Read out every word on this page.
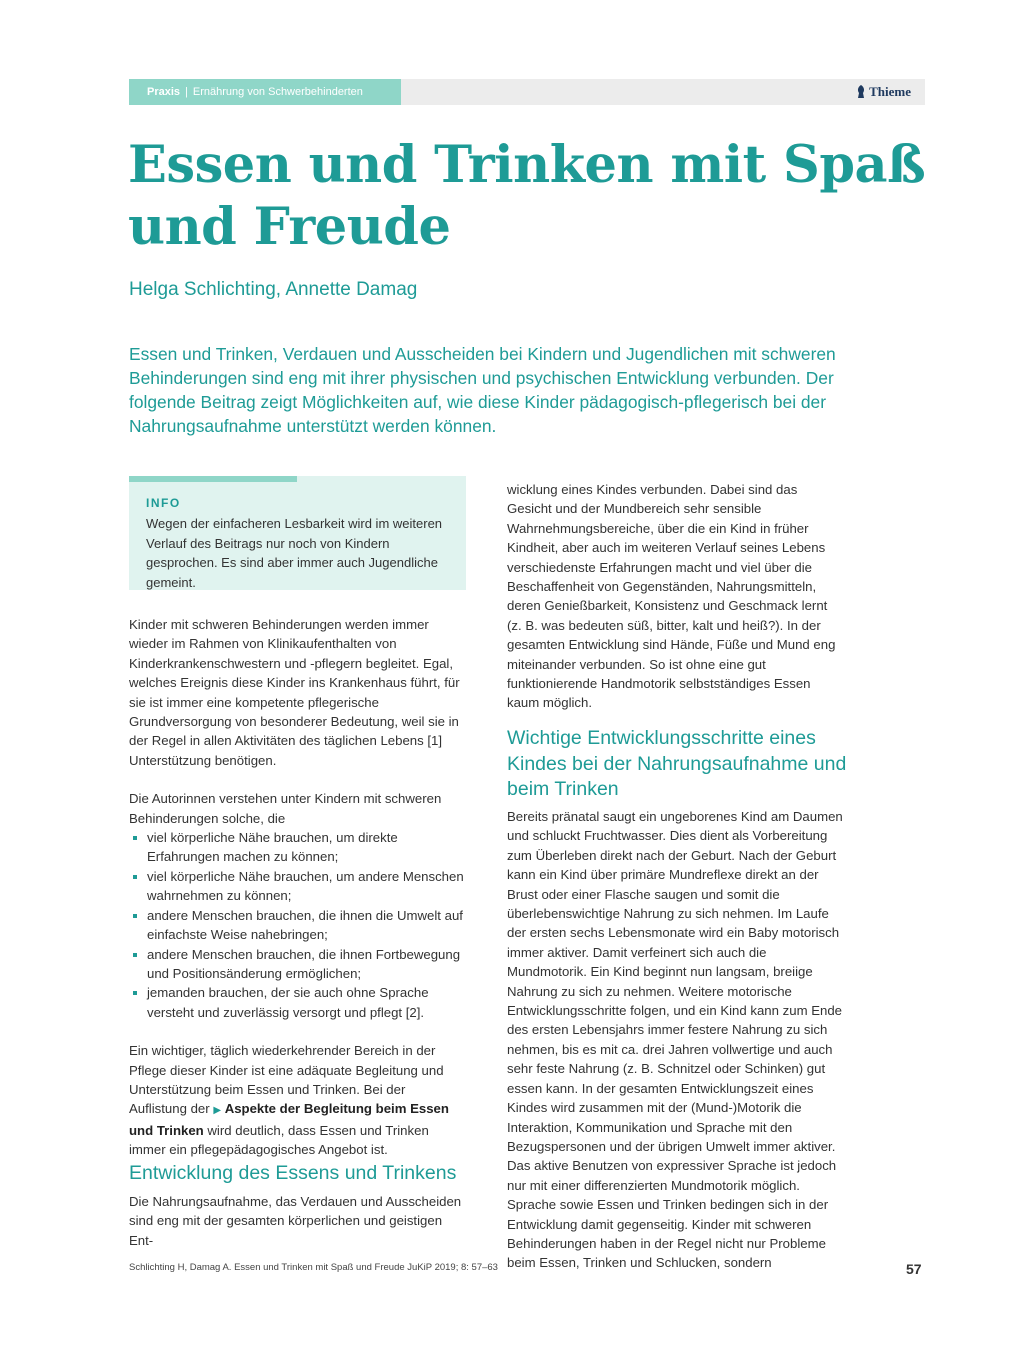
Praxis | Ernährung von Schwerbehinderten	Thieme
Essen und Trinken mit Spaß und Freude
Helga Schlichting, Annette Damag
Essen und Trinken, Verdauen und Ausscheiden bei Kindern und Jugendlichen mit schweren Behinderungen sind eng mit ihrer physischen und psychischen Entwicklung verbunden. Der folgende Beitrag zeigt Möglichkeiten auf, wie diese Kinder pädagogisch-pflegerisch bei der Nahrungsaufnahme unterstützt werden können.
INFO
Wegen der einfacheren Lesbarkeit wird im weiteren Verlauf des Beitrags nur noch von Kindern gesprochen. Es sind aber immer auch Jugendliche gemeint.

Kinder mit schweren Behinderungen werden immer wieder im Rahmen von Klinikaufenthalten von Kinderkrankenschwestern und -pflegern begleitet. Egal, welches Ereignis diese Kinder ins Krankenhaus führt, für sie ist immer eine kompetente pflegerische Grundversorgung von besonderer Bedeutung, weil sie in der Regel in allen Aktivitäten des täglichen Lebens [1] Unterstützung benötigen.

Die Autorinnen verstehen unter Kindern mit schweren Behinderungen solche, die

viel körperliche Nähe brauchen, um direkte Erfahrungen machen zu können;
viel körperliche Nähe brauchen, um andere Menschen wahrnehmen zu können;
andere Menschen brauchen, die ihnen die Umwelt auf einfachste Weise nahebringen;
andere Menschen brauchen, die ihnen Fortbewegung und Positionsänderung ermöglichen;
jemanden brauchen, der sie auch ohne Sprache versteht und zuverlässig versorgt und pflegt [2].

Ein wichtiger, täglich wiederkehrender Bereich in der Pflege dieser Kinder ist eine adäquate Begleitung und Unterstützung beim Essen und Trinken. Bei der Auflistung der ▶ Aspekte der Begleitung beim Essen und Trinken wird deutlich, dass Essen und Trinken immer ein pflegepädagogisches Angebot ist.

Entwicklung des Essens und Trinkens

Die Nahrungsaufnahme, das Verdauen und Ausscheiden sind eng mit der gesamten körperlichen und geistigen Ent-

wicklung eines Kindes verbunden. Dabei sind das Gesicht und der Mundbereich sehr sensible Wahrnehmungsbereiche, über die ein Kind in früher Kindheit, aber auch im weiteren Verlauf seines Lebens verschiedenste Erfahrungen macht und viel über die Beschaffenheit von Gegenständen, Nahrungsmitteln, deren Genießbarkeit, Konsistenz und Geschmack lernt (z. B. was bedeuten süß, bitter, kalt und heiß?). In der gesamten Entwicklung sind Hände, Füße und Mund eng miteinander verbunden. So ist ohne eine gut funktionierende Handmotorik selbstständiges Essen kaum möglich.

Wichtige Entwicklungsschritte eines Kindes bei der Nahrungsaufnahme und beim Trinken

Bereits pränatal saugt ein ungeborenes Kind am Daumen und schluckt Fruchtwasser. Dies dient als Vorbereitung zum Überleben direkt nach der Geburt. Nach der Geburt kann ein Kind über primäre Mundreflexe direkt an der Brust oder einer Flasche saugen und somit die überlebenswichtige Nahrung zu sich nehmen. Im Laufe der ersten sechs Lebensmonate wird ein Baby motorisch immer aktiver. Damit verfeinert sich auch die Mundmotorik. Ein Kind beginnt nun langsam, breiige Nahrung zu sich zu nehmen. Weitere motorische Entwicklungsschritte folgen, und ein Kind kann zum Ende des ersten Lebensjahrs immer festere Nahrung zu sich nehmen, bis es mit ca. drei Jahren vollwertige und auch sehr feste Nahrung (z. B. Schnitzel oder Schinken) gut essen kann. In der gesamten Entwicklungszeit eines Kindes wird zusammen mit der (Mund-)Motorik die Interaktion, Kommunikation und Sprache mit den Bezugspersonen und der übrigen Umwelt immer aktiver. Das aktive Benutzen von expressiver Sprache ist jedoch nur mit einer differenzierten Mundmotorik möglich. Sprache sowie Essen und Trinken bedingen sich in der Entwicklung damit gegenseitig. Kinder mit schweren Behinderungen haben in der Regel nicht nur Probleme beim Essen, Trinken und Schlucken, sondern

Schlichting H, Damag A. Essen und Trinken mit Spaß und Freude JuKiP 2019; 8: 57–63	57
